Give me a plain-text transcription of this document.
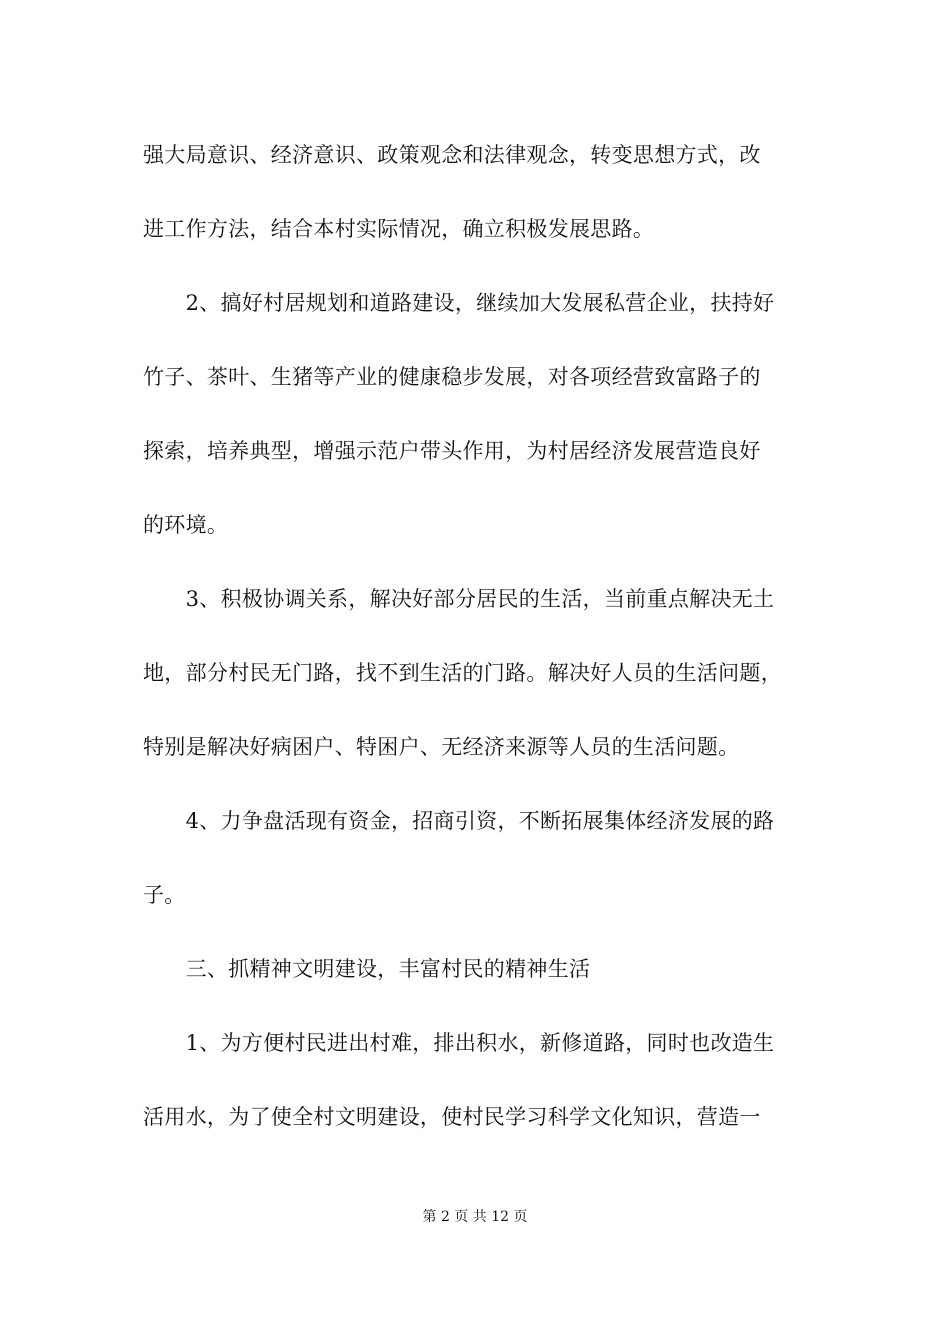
强大局意识、经济意识、政策观念和法律观念，转变思想方式，改
进工作方法，结合本村实际情况，确立积极发展思路。
　　2、搞好村居规划和道路建设，继续加大发展私营企业，扶持好
竹子、茶叶、生猪等产业的健康稳步发展，对各项经营致富路子的
探索，培养典型，增强示范户带头作用，为村居经济发展营造良好
的环境。
　　3、积极协调关系，解决好部分居民的生活，当前重点解决无土
地，部分村民无门路，找不到生活的门路。解决好人员的生活问题，
特别是解决好病困户、特困户、无经济来源等人员的生活问题。
　　4、力争盘活现有资金，招商引资，不断拓展集体经济发展的路
子。
　　三、抓精神文明建设，丰富村民的精神生活
　　1、为方便村民进出村难，排出积水，新修道路，同时也改造生
活用水，为了使全村文明建设，使村民学习科学文化知识，营造一
第 2 页 共 12 页
